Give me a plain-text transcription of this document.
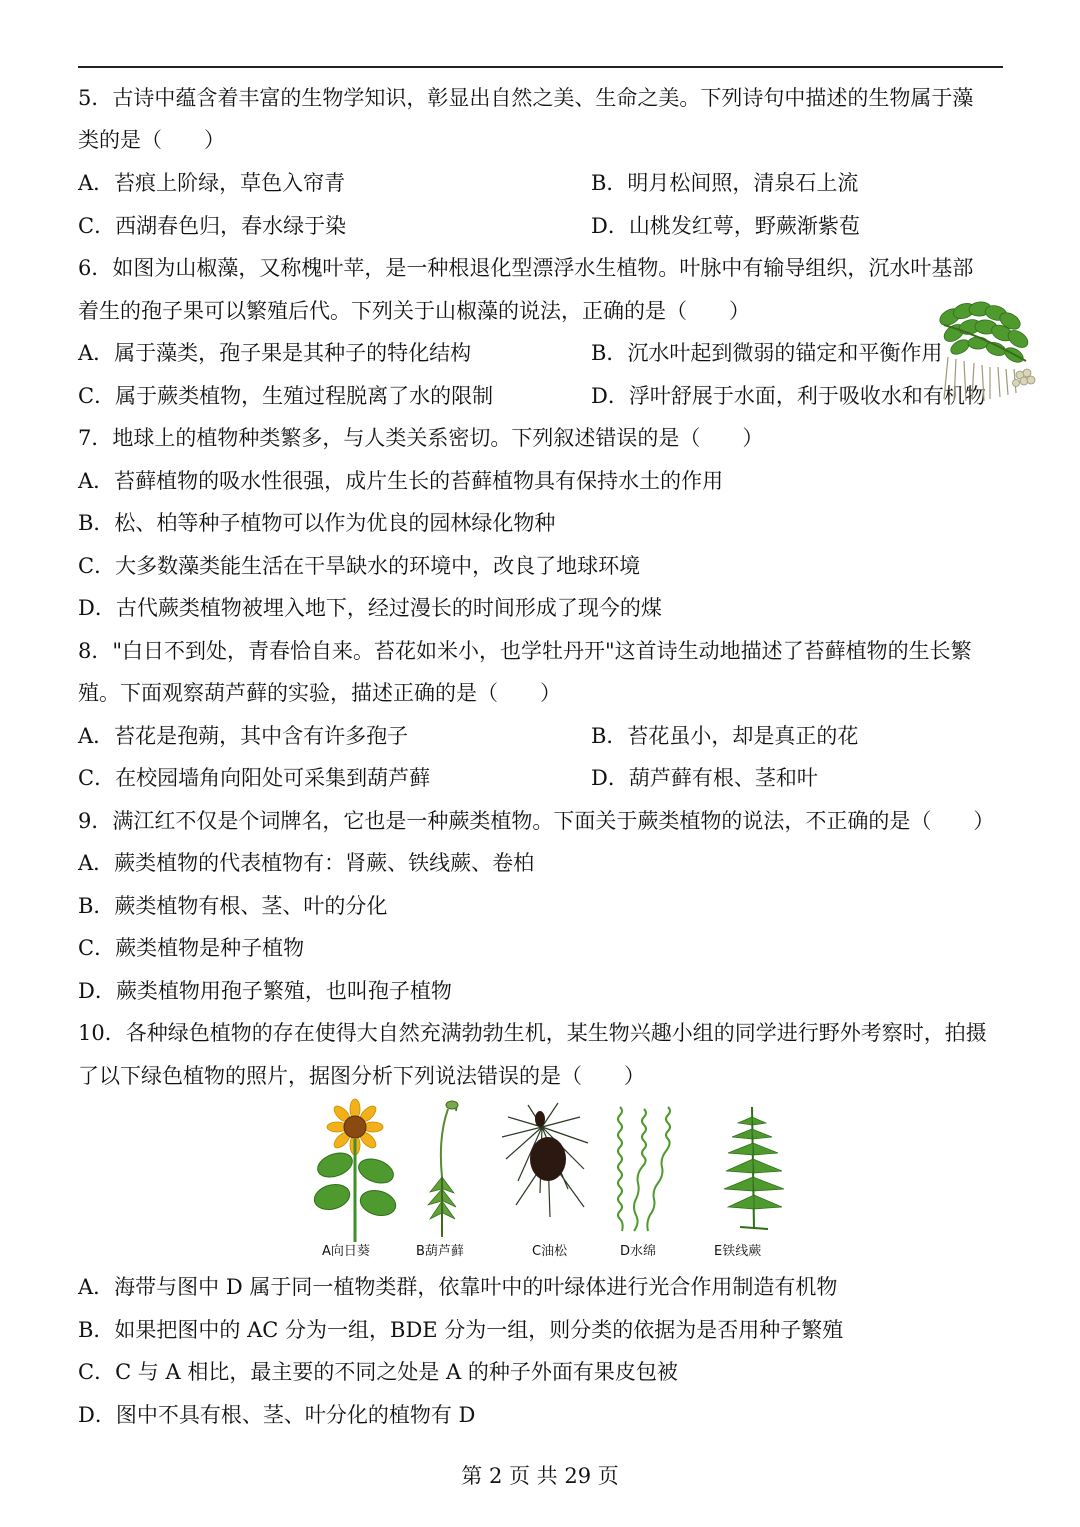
5．古诗中蕴含着丰富的生物学知识，彰显出自然之美、生命之美。下列诗句中描述的生物属于藻
类的是（　　）
A．苔痕上阶绿，草色入帘青	B．明月松间照，清泉石上流
C．西湖春色归，春水绿于染	D．山桃发红萼，野蕨渐紫苞
6．如图为山椒藻，又称槐叶苹，是一种根退化型漂浮水生植物。叶脉中有输导组织，沉水叶基部
着生的孢子果可以繁殖后代。下列关于山椒藻的说法，正确的是（　　）
A．属于藻类，孢子果是其种子的特化结构	B．沉水叶起到微弱的锚定和平衡作用
C．属于蕨类植物，生殖过程脱离了水的限制	D．浮叶舒展于水面，利于吸收水和有机物
7．地球上的植物种类繁多，与人类关系密切。下列叙述错误的是（　　）
A．苔藓植物的吸水性很强，成片生长的苔藓植物具有保持水土的作用
B．松、柏等种子植物可以作为优良的园林绿化物种
C．大多数藻类能生活在干旱缺水的环境中，改良了地球环境
D．古代蕨类植物被埋入地下，经过漫长的时间形成了现今的煤
8．"白日不到处，青春恰自来。苔花如米小，也学牡丹开"这首诗生动地描述了苔藓植物的生长繁
殖。下面观察葫芦藓的实验，描述正确的是（　　）
A．苔花是孢蒴，其中含有许多孢子	B．苔花虽小，却是真正的花
C．在校园墙角向阳处可采集到葫芦藓	D．葫芦藓有根、茎和叶
9．满江红不仅是个词牌名，它也是一种蕨类植物。下面关于蕨类植物的说法，不正确的是（　　）
A．蕨类植物的代表植物有：肾蕨、铁线蕨、卷柏
B．蕨类植物有根、茎、叶的分化
C．蕨类植物是种子植物
D．蕨类植物用孢子繁殖，也叫孢子植物
10．各种绿色植物的存在使得大自然充满勃勃生机，某生物兴趣小组的同学进行野外考察时，拍摄
了以下绿色植物的照片，据图分析下列说法错误的是（　　）
A向日葵	B葫芦藓	C油松	D水绵	E铁线蕨
A．海带与图中 D 属于同一植物类群，依靠叶中的叶绿体进行光合作用制造有机物
B．如果把图中的 AC 分为一组，BDE 分为一组，则分类的依据为是否用种子繁殖
C．C 与 A 相比，最主要的不同之处是 A 的种子外面有果皮包被
D．图中不具有根、茎、叶分化的植物有 D
第 2 页 共 29 页
